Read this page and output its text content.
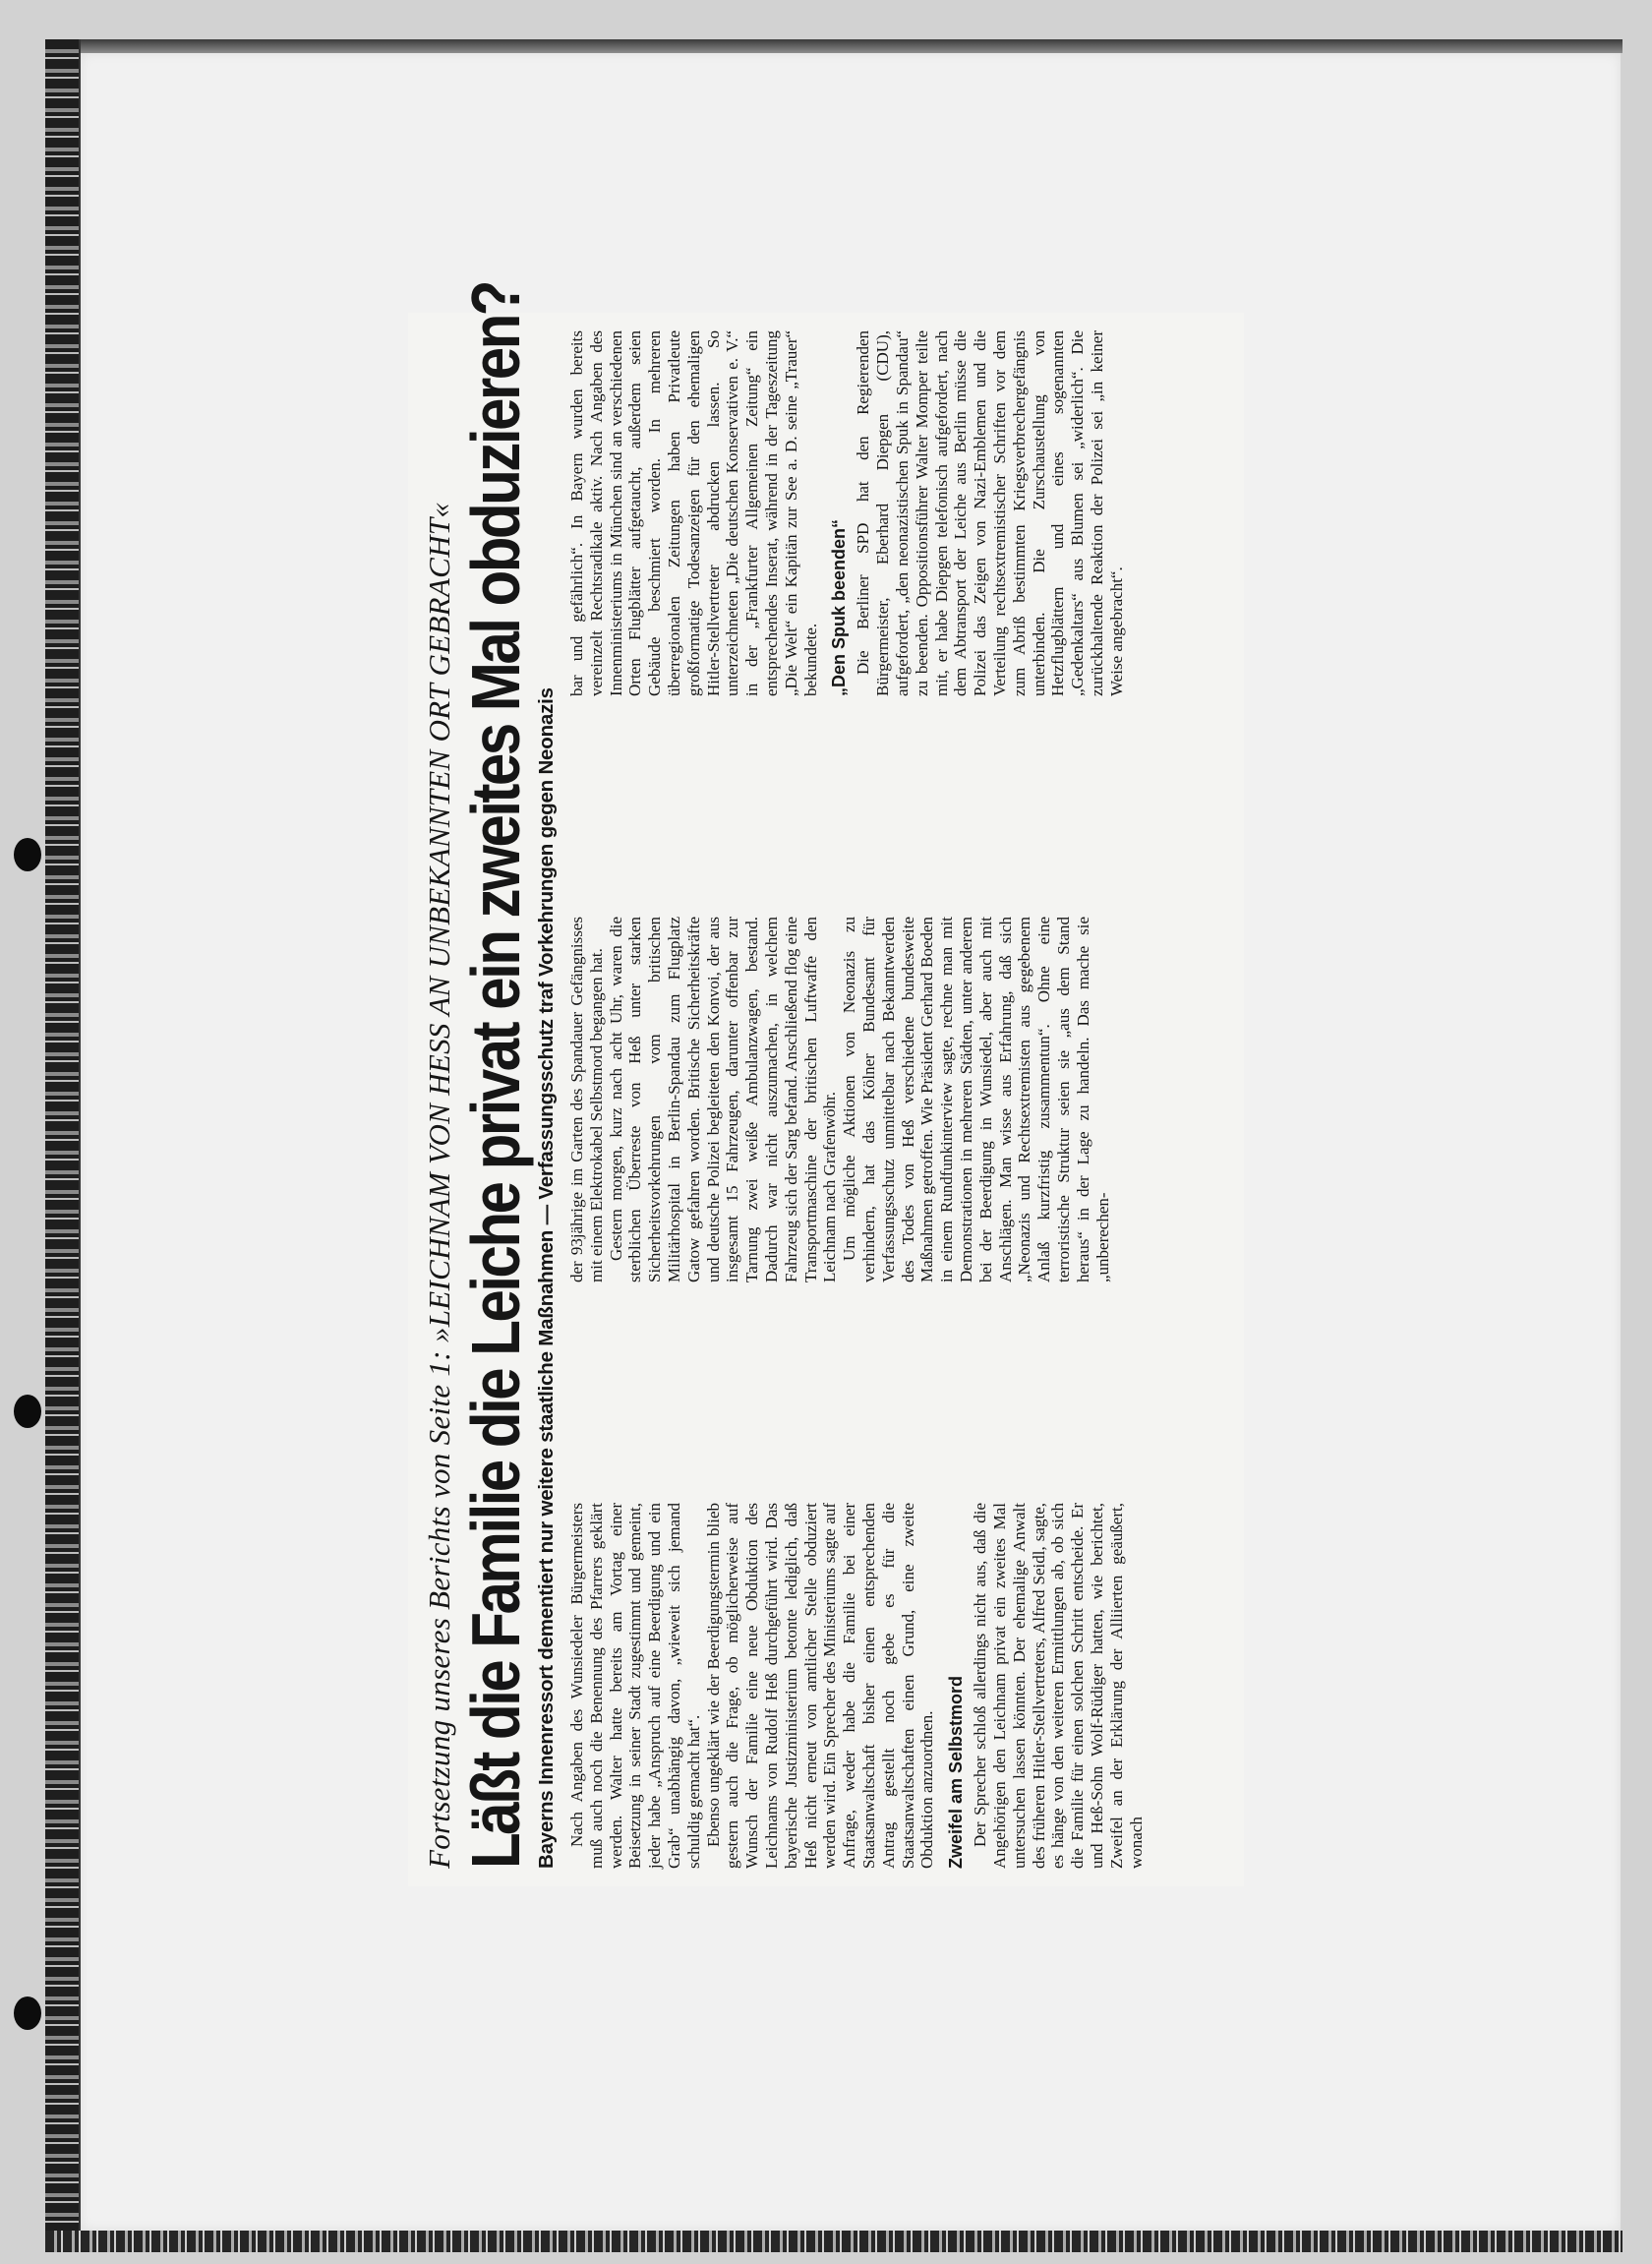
Fortsetzung unseres Berichts von Seite 1: »LEICHNAM VON HESS AN UNBEKANNTEN ORT GEBRACHT« Läßt die Familie die Leiche privat ein zweites Mal obduzieren? Bayerns Innenressort dementiert nur weitere staatliche Maßnahmen — Verfassungsschutz traf Vorkehrungen gegen Neonazis Nach Angaben des Wunsiedeler Bürgermeisters muß auch noch die Benennung des Pfarrers geklärt werden. Walter hatte bereits am Vortag einer Beisetzung in seiner Stadt zugestimmt und gemeint, jeder habe „Anspruch auf eine Beerdigung und ein Grab“ unabhängig davon, „wieweit sich jemand schuldig gemacht hat“. Ebenso ungeklärt wie der Beerdigungstermin blieb gestern auch die Frage, ob möglicherweise auf Wunsch der Familie eine neue Obduktion des Leichnams von Rudolf Heß durchgeführt wird. Das bayerische Justizministerium betonte lediglich, daß Heß nicht erneut von amtlicher Stelle obduziert werden wird. Ein Sprecher des Ministeriums sagte auf Anfrage, weder habe die Familie bei einer Staatsanwaltschaft bisher einen entsprechenden Antrag gestellt noch gebe es für die Staatsanwaltschaften einen Grund, eine zweite Obduktion anzuordnen. Zweifel am Selbstmord Der Sprecher schloß allerdings nicht aus, daß die Angehörigen den Leichnam privat ein zweites Mal untersuchen lassen könnten. Der ehemalige Anwalt des früheren Hitler-Stellvertreters, Alfred Seidl, sagte, es hänge von den weiteren Ermittlungen ab, ob sich die Familie für einen solchen Schritt entscheide. Er und Heß-Sohn Wolf-Rüdiger hatten, wie berichtet, Zweifel an der Erklärung der Alliierten geäußert, wonach

der 93jährige im Garten des Spandauer Gefängnisses mit einem Elektrokabel Selbstmord begangen hat. Gestern morgen, kurz nach acht Uhr, waren die sterblichen Überreste von Heß unter starken Sicherheitsvorkehrungen vom britischen Militärhospital in Berlin-Spandau zum Flugplatz Gatow gefahren worden. Britische Sicherheitskräfte und deutsche Polizei begleiteten den Konvoi, der aus insgesamt 15 Fahrzeugen, darunter offenbar zur Tarnung zwei weiße Ambulanzwagen, bestand. Dadurch war nicht auszumachen, in welchem Fahrzeug sich der Sarg befand. Anschließend flog eine Transportmaschine der britischen Luftwaffe den Leichnam nach Grafenwöhr. Um mögliche Aktionen von Neonazis zu verhindern, hat das Kölner Bundesamt für Verfassungsschutz unmittelbar nach Bekanntwerden des Todes von Heß verschiedene bundesweite Maßnahmen getroffen. Wie Präsident Gerhard Boeden in einem Rundfunkinterview sagte, rechne man mit Demonstrationen in mehreren Städten, unter anderem bei der Beerdigung in Wunsiedel, aber auch mit Anschlägen. Man wisse aus Erfahrung, daß sich „Neonazis und Rechtsextremisten aus gegebenem Anlaß kurzfristig zusammentun“. Ohne eine terroristische Struktur seien sie „aus dem Stand heraus“ in der Lage zu handeln. Das mache sie „unberechen-

bar und gefährlich“. In Bayern wurden bereits vereinzelt Rechtsradikale aktiv. Nach Angaben des Innenministeriums in München sind an verschiedenen Orten Flugblätter aufgetaucht, außerdem seien Gebäude beschmiert worden. In mehreren überregionalen Zeitungen haben Privatleute großformatige Todesanzeigen für den ehemaligen Hitler-Stellvertreter abdrucken lassen. So unterzeichneten „Die deutschen Konservativen e. V.“ in der „Frankfurter Allgemeinen Zeitung“ ein entsprechendes Inserat, während in der Tageszeitung „Die Welt“ ein Kapitän zur See a. D. seine „Trauer“ bekundete. „Den Spuk beenden“ Die Berliner SPD hat den Regierenden Bürgermeister, Eberhard Diepgen (CDU), aufgefordert, „den neonazistischen Spuk in Spandau“ zu beenden. Oppositionsführer Walter Momper teilte mit, er habe Diepgen telefonisch aufgefordert, nach dem Abtransport der Leiche aus Berlin müsse die Polizei das Zeigen von Nazi-Emblemen und die Verteilung rechtsextremistischer Schriften vor dem zum Abriß bestimmten Kriegsverbrechergefängnis unterbinden. Die Zurschaustellung von Hetzflugblättern und eines sogenannten „Gedenkaltars“ aus Blumen sei „widerlich“. Die zurückhaltende Reaktion der Polizei sei „in keiner Weise angebracht“.
